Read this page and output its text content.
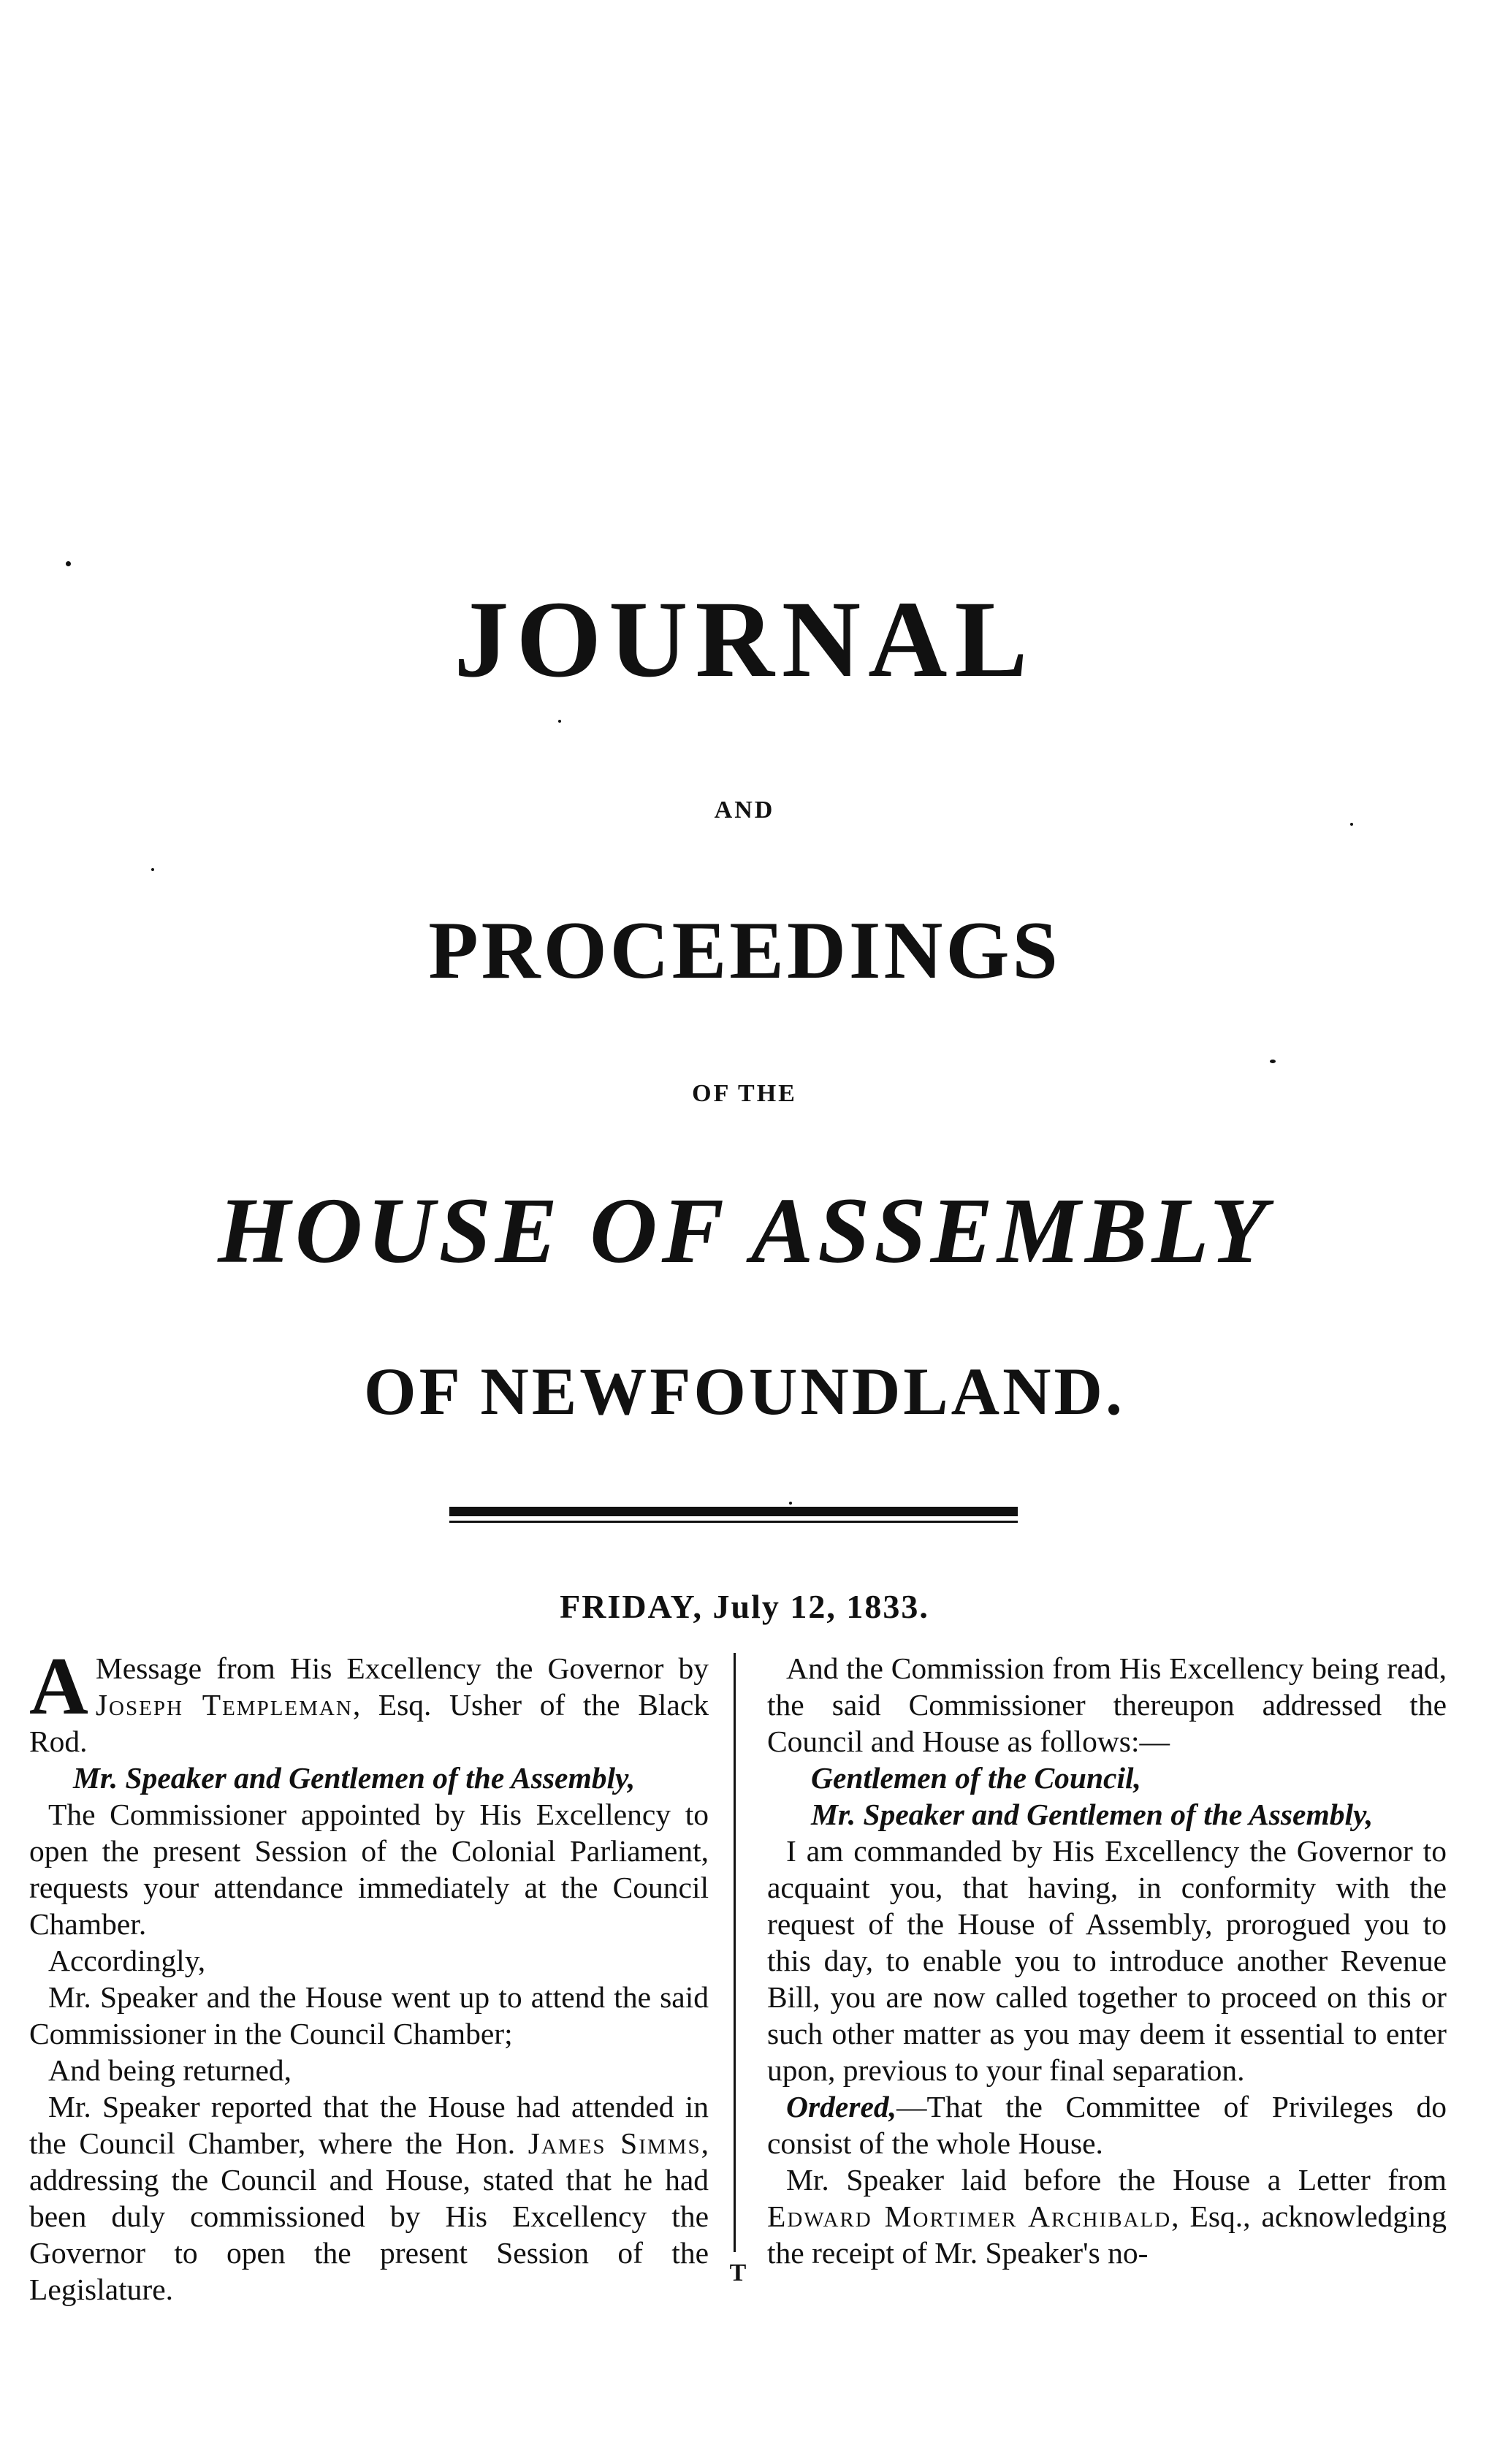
JOURNAL
AND
PROCEEDINGS
OF THE
HOUSE OF ASSEMBLY
OF NEWFOUNDLAND.
FRIDAY, July 12, 1833.

A Message from His Excellency the Governor by Joseph Templeman, Esq. Usher of the Black Rod.

Mr. Speaker and Gentlemen of the Assembly,

The Commissioner appointed by His Excellency to open the present Session of the Colonial Parliament, requests your attendance immediately at the Council Chamber.

Accordingly,

Mr. Speaker and the House went up to attend the said Commissioner in the Council Chamber;

And being returned,

Mr. Speaker reported that the House had attended in the Council Chamber, where the Hon. James Simms, addressing the Council and House, stated that he had been duly commissioned by His Excellency the Governor to open the present Session of the Legislature.

And the Commission from His Excellency being read, the said Commissioner thereupon addressed the Council and House as follows:—

Gentlemen of the Council,

Mr. Speaker and Gentlemen of the Assembly,

I am commanded by His Excellency the Governor to acquaint you, that having, in conformity with the request of the House of Assembly, prorogued you to this day, to enable you to introduce another Revenue Bill, you are now called together to proceed on this or such other matter as you may deem it essential to enter upon, previous to your final separation.

Ordered,—That the Committee of Privileges do consist of the whole House.

Mr. Speaker laid before the House a Letter from Edward Mortimer Archibald, Esq., acknowledging the receipt of Mr. Speaker's no-

T
